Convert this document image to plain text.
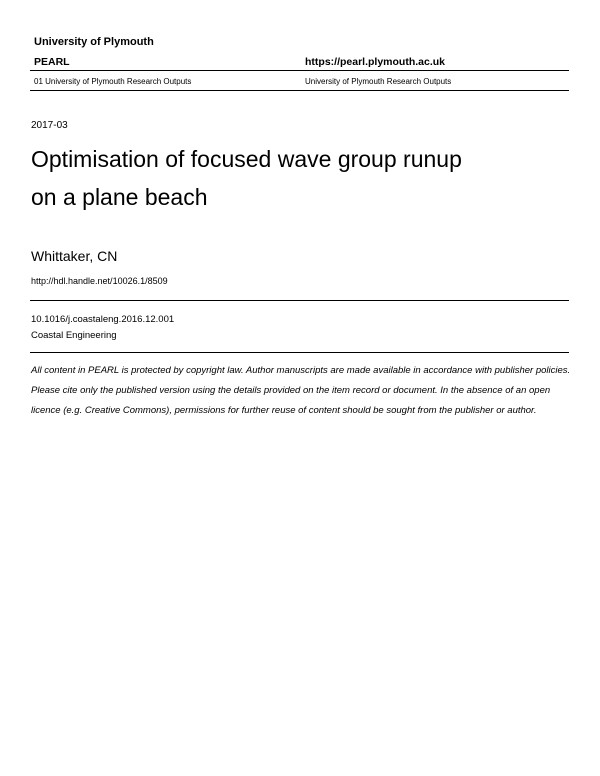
University of Plymouth
PEARL	https://pearl.plymouth.ac.uk
01 University of Plymouth Research Outputs	University of Plymouth Research Outputs
2017-03
Optimisation of focused wave group runup on a plane beach
Whittaker, CN
http://hdl.handle.net/10026.1/8509
10.1016/j.coastaleng.2016.12.001
Coastal Engineering

All content in PEARL is protected by copyright law. Author manuscripts are made available in accordance with publisher policies. Please cite only the published version using the details provided on the item record or document. In the absence of an open licence (e.g. Creative Commons), permissions for further reuse of content should be sought from the publisher or author.
